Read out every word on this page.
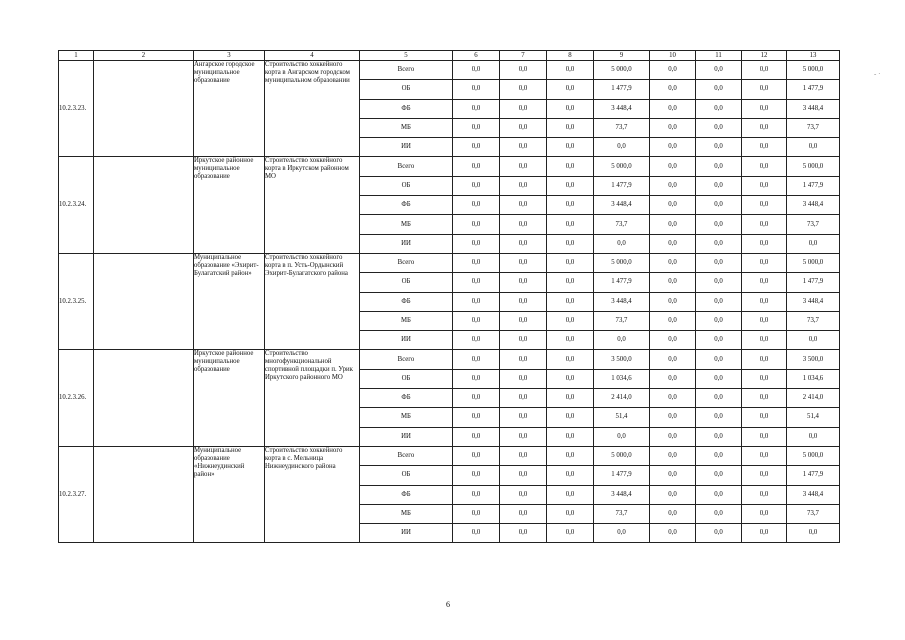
1	2	3	4	5	6	7	8	9	10	11	12	13
10.2.3.23.		Ангарское городское муниципальное образование	Строительство хоккейного корта в Ангарском городском муниципальном образовании	Всего	0,0	0,0	0,0	5 000,0	0,0	0,0	0,0	5 000,0
				ОБ	0,0	0,0	0,0	1 477,9	0,0	0,0	0,0	1 477,9
				ФБ	0,0	0,0	0,0	3 448,4	0,0	0,0	0,0	3 448,4
				МБ	0,0	0,0	0,0	73,7	0,0	0,0	0,0	73,7
				ИИ	0,0	0,0	0,0	0,0	0,0	0,0	0,0	0,0
10.2.3.24.		Иркутское районное муниципальное образование	Строительство хоккейного корта в Иркутском районном МО	Всего	0,0	0,0	0,0	5 000,0	0,0	0,0	0,0	5 000,0
				ОБ	0,0	0,0	0,0	1 477,9	0,0	0,0	0,0	1 477,9
				ФБ	0,0	0,0	0,0	3 448,4	0,0	0,0	0,0	3 448,4
				МБ	0,0	0,0	0,0	73,7	0,0	0,0	0,0	73,7
				ИИ	0,0	0,0	0,0	0,0	0,0	0,0	0,0	0,0
10.2.3.25.		Муниципальное образование «Эхирит-Булагатский район»	Строительство хоккейного корта в п. Усть-Ордынский Эхирит-Булагатского района	Всего	0,0	0,0	0,0	5 000,0	0,0	0,0	0,0	5 000,0
				ОБ	0,0	0,0	0,0	1 477,9	0,0	0,0	0,0	1 477,9
				ФБ	0,0	0,0	0,0	3 448,4	0,0	0,0	0,0	3 448,4
				МБ	0,0	0,0	0,0	73,7	0,0	0,0	0,0	73,7
				ИИ	0,0	0,0	0,0	0,0	0,0	0,0	0,0	0,0
10.2.3.26.		Иркутское районное муниципальное образование	Строительство многофункциональной спортивной площадки п. Урик Иркутского районного МО	Всего	0,0	0,0	0,0	3 500,0	0,0	0,0	0,0	3 500,0
				ОБ	0,0	0,0	0,0	1 034,6	0,0	0,0	0,0	1 034,6
				ФБ	0,0	0,0	0,0	2 414,0	0,0	0,0	0,0	2 414,0
				МБ	0,0	0,0	0,0	51,4	0,0	0,0	0,0	51,4
				ИИ	0,0	0,0	0,0	0,0	0,0	0,0	0,0	0,0
10.2.3.27.		Муниципальное образование «Нижнеудинский район»	Строительство хоккейного корта в с. Мельница Нижнеудинского района	Всего	0,0	0,0	0,0	5 000,0	0,0	0,0	0,0	5 000,0
				ОБ	0,0	0,0	0,0	1 477,9	0,0	0,0	0,0	1 477,9
				ФБ	0,0	0,0	0,0	3 448,4	0,0	0,0	0,0	3 448,4
				МБ	0,0	0,0	0,0	73,7	0,0	0,0	0,0	73,7
				ИИ	0,0	0,0	0,0	0,0	0,0	0,0	0,0	0,0
6
- ·
